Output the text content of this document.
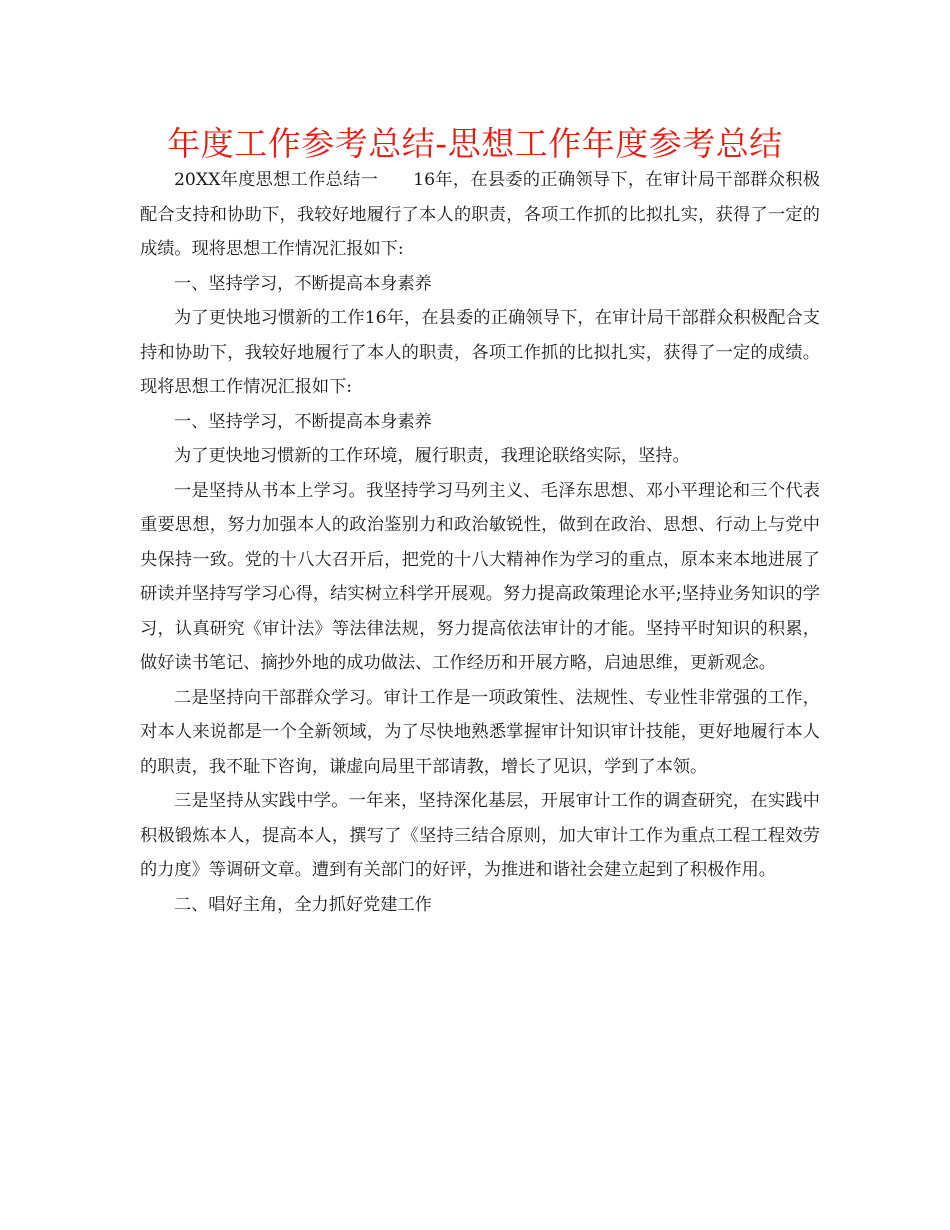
年度工作参考总结-思想工作年度参考总结

20XX年度思想工作总结一　　16年，在县委的正确领导下，在审计局干部群众积极配合支持和协助下，我较好地履行了本人的职责，各项工作抓的比拟扎实，获得了一定的成绩。现将思想工作情况汇报如下:

一、坚持学习，不断提高本身素养

为了更快地习惯新的工作16年，在县委的正确领导下，在审计局干部群众积极配合支持和协助下，我较好地履行了本人的职责，各项工作抓的比拟扎实，获得了一定的成绩。现将思想工作情况汇报如下:

一、坚持学习，不断提高本身素养

为了更快地习惯新的工作环境，履行职责，我理论联络实际，坚持。

一是坚持从书本上学习。我坚持学习马列主义、毛泽东思想、邓小平理论和三个代表重要思想，努力加强本人的政治鉴别力和政治敏锐性，做到在政治、思想、行动上与党中央保持一致。党的十八大召开后，把党的十八大精神作为学习的重点，原本来本地进展了研读并坚持写学习心得，结实树立科学开展观。努力提高政策理论水平;坚持业务知识的学习，认真研究《审计法》等法律法规，努力提高依法审计的才能。坚持平时知识的积累，做好读书笔记、摘抄外地的成功做法、工作经历和开展方略，启迪思维，更新观念。

二是坚持向干部群众学习。审计工作是一项政策性、法规性、专业性非常强的工作，对本人来说都是一个全新领域，为了尽快地熟悉掌握审计知识审计技能，更好地履行本人的职责，我不耻下咨询，谦虚向局里干部请教，增长了见识，学到了本领。

三是坚持从实践中学。一年来，坚持深化基层，开展审计工作的调查研究，在实践中积极锻炼本人，提高本人，撰写了《坚持三结合原则，加大审计工作为重点工程工程效劳的力度》等调研文章。遭到有关部门的好评，为推进和谐社会建立起到了积极作用。

二、唱好主角，全力抓好党建工作
